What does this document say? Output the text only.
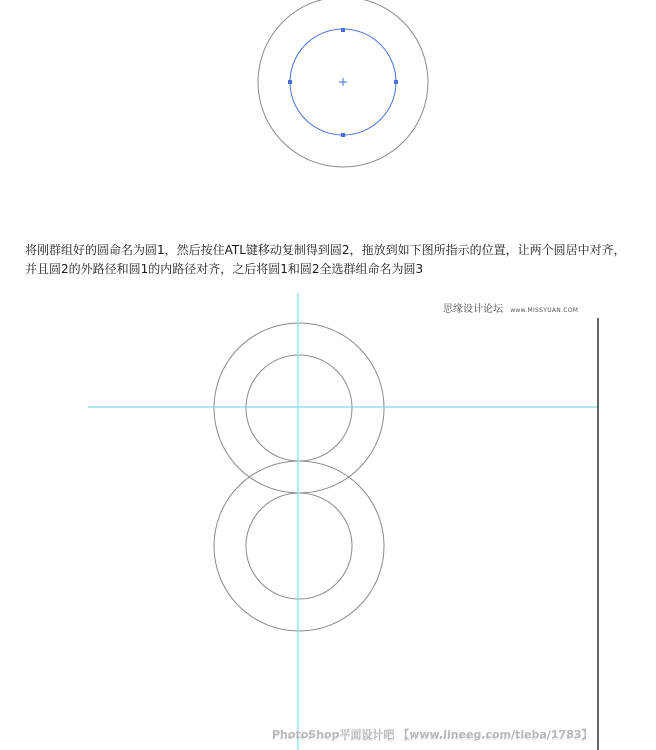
将刚群组好的圆命名为圆1，然后按住ATL键移动复制得到圆2，拖放到如下图所指示的位置，让两个圆居中对齐，
并且圆2的外路径和圆1的内路径对齐，之后将圆1和圆2全选群组命名为圆3

思缘设计论坛 www.MISSYUAN.COM
PhotoShop平面设计吧 【www.lineeg.com/tieba/1783】
